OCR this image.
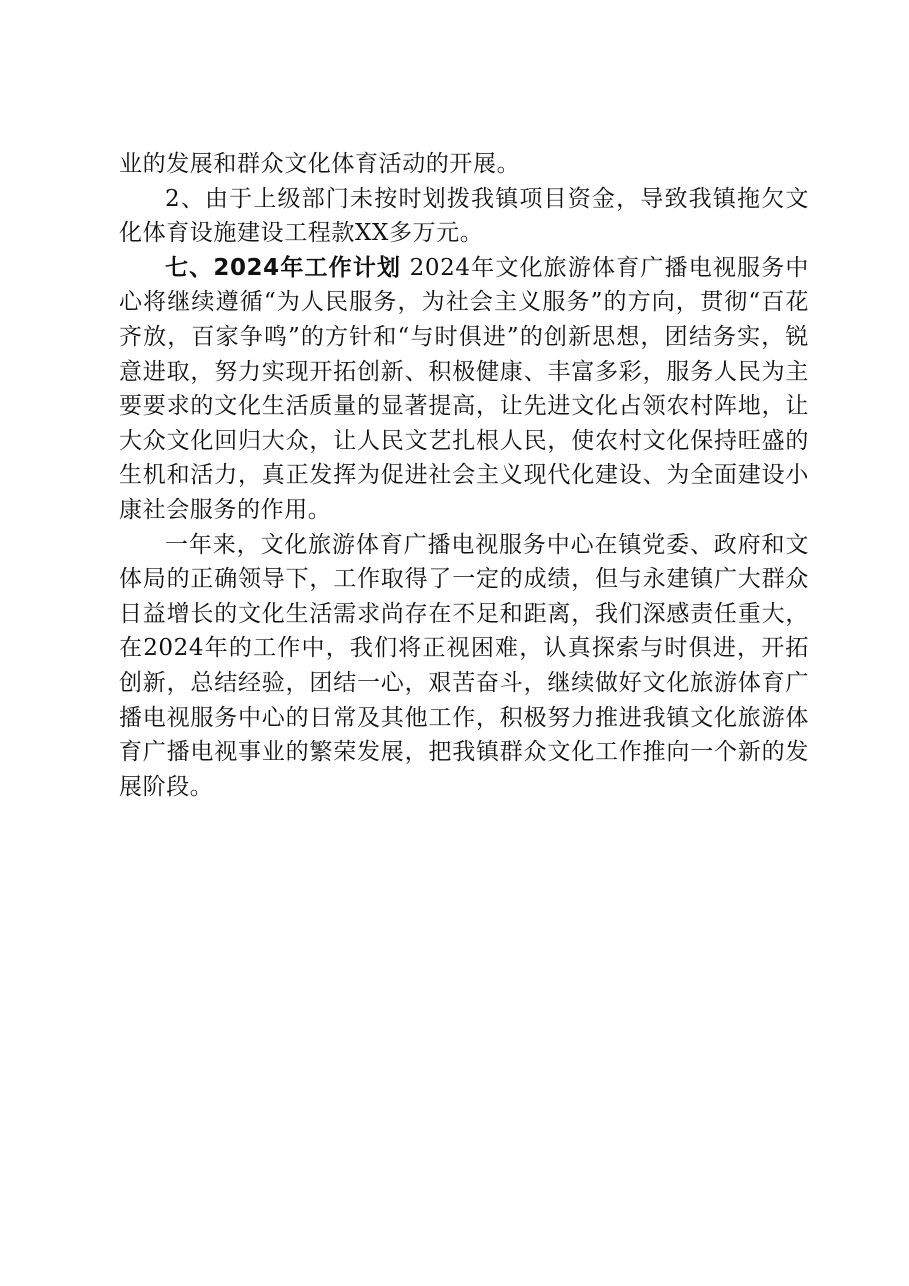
业的发展和群众文化体育活动的开展。

2、由于上级部门未按时划拨我镇项目资金，导致我镇拖欠文化体育设施建设工程款XX多万元。

七、2024年工作计划 2024年文化旅游体育广播电视服务中心将继续遵循“为人民服务，为社会主义服务”的方向，贯彻“百花齐放，百家争鸣”的方针和“与时俱进”的创新思想，团结务实，锐意进取，努力实现开拓创新、积极健康、丰富多彩，服务人民为主要要求的文化生活质量的显著提高，让先进文化占领农村阵地，让大众文化回归大众，让人民文艺扎根人民，使农村文化保持旺盛的生机和活力，真正发挥为促进社会主义现代化建设、为全面建设小康社会服务的作用。

一年来，文化旅游体育广播电视服务中心在镇党委、政府和文体局的正确领导下，工作取得了一定的成绩，但与永建镇广大群众日益增长的文化生活需求尚存在不足和距离，我们深感责任重大，在2024年的工作中，我们将正视困难，认真探索与时俱进，开拓创新，总结经验，团结一心，艰苦奋斗，继续做好文化旅游体育广播电视服务中心的日常及其他工作，积极努力推进我镇文化旅游体育广播电视事业的繁荣发展，把我镇群众文化工作推向一个新的发展阶段。
